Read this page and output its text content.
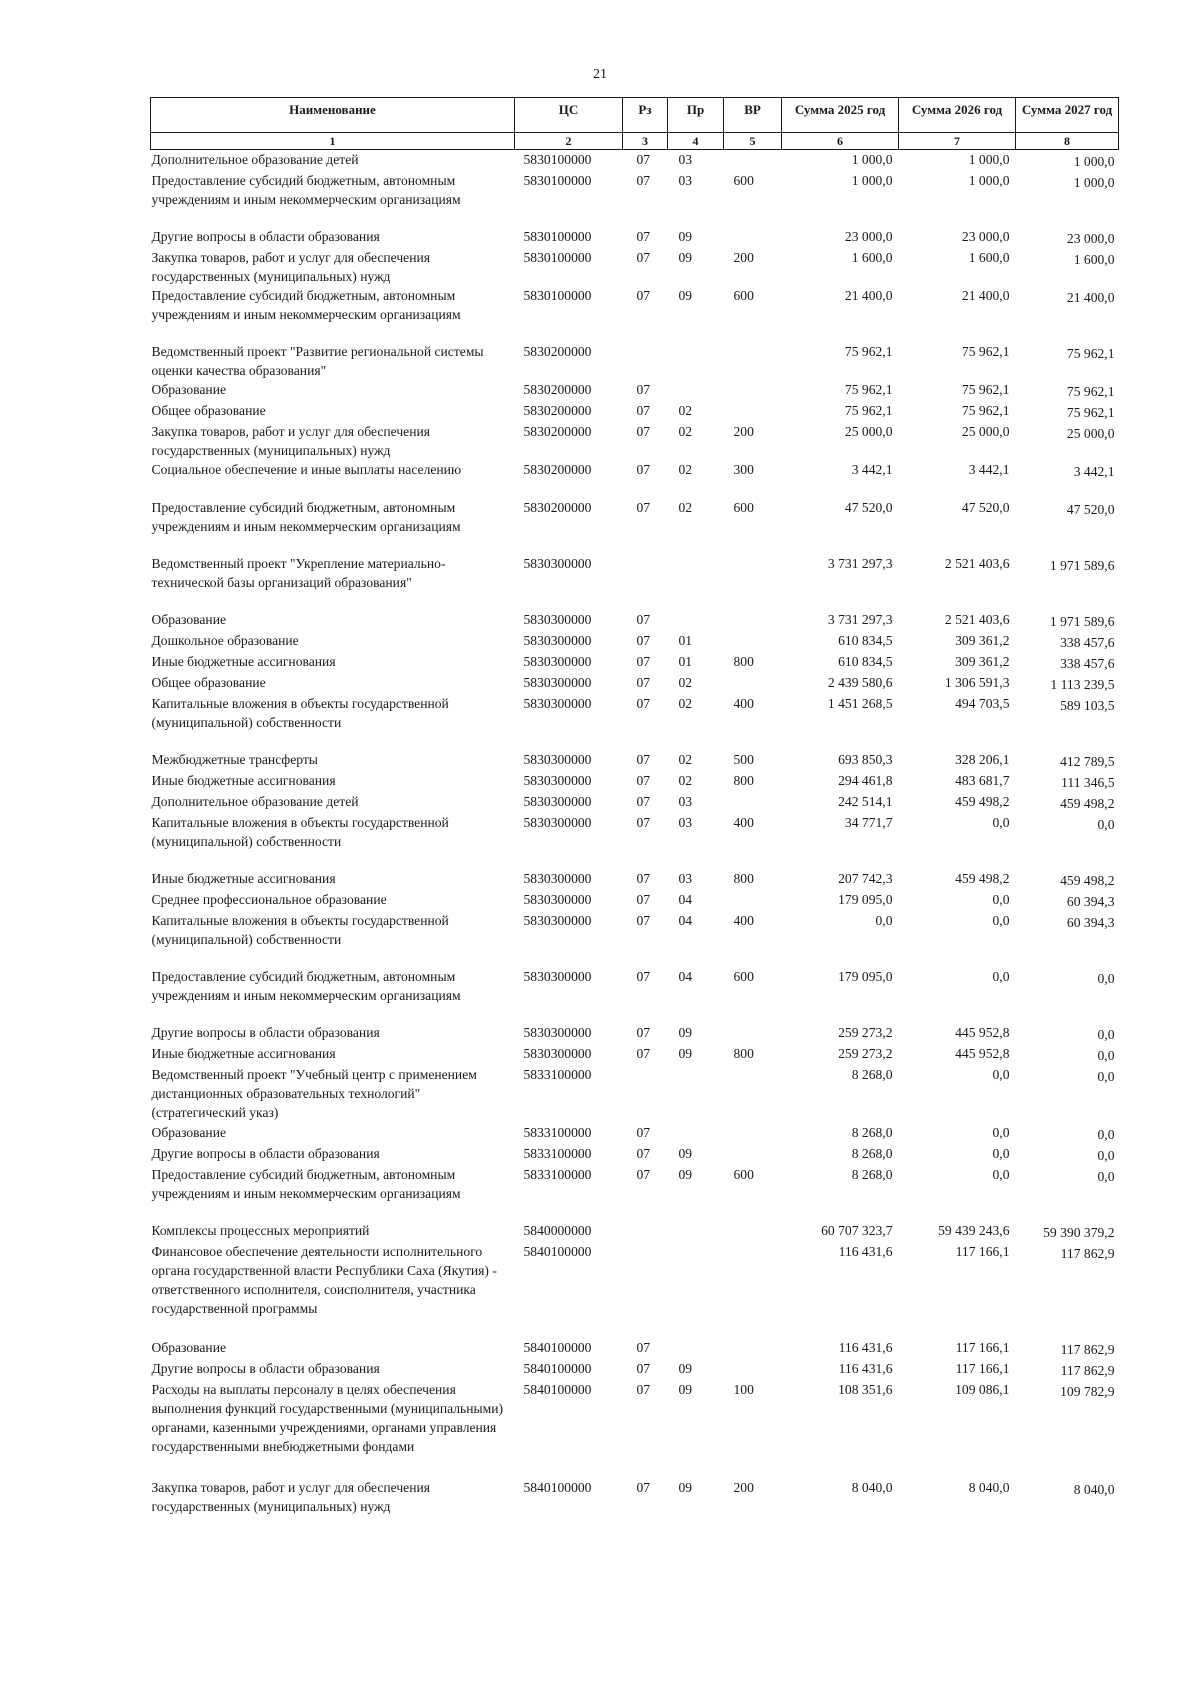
21
Наименование	ЦС	Рз	Пр	ВР	Сумма 2025 год	Сумма 2026 год	Сумма 2027 год
1	2	3	4	5	6	7	8
Дополнительное образование детей	5830100000	07	03		1 000,0	1 000,0	1 000,0
Предоставление субсидий бюджетным, автономным учреждениям и иным некоммерческим организациям	5830100000	07	03	600	1 000,0	1 000,0	1 000,0
Другие вопросы в области образования	5830100000	07	09		23 000,0	23 000,0	23 000,0
Закупка товаров, работ и услуг для обеспечения государственных (муниципальных) нужд	5830100000	07	09	200	1 600,0	1 600,0	1 600,0
Предоставление субсидий бюджетным, автономным учреждениям и иным некоммерческим организациям	5830100000	07	09	600	21 400,0	21 400,0	21 400,0
Ведомственный проект "Развитие региональной системы оценки качества образования"	5830200000				75 962,1	75 962,1	75 962,1
Образование	5830200000	07			75 962,1	75 962,1	75 962,1
Общее образование	5830200000	07	02		75 962,1	75 962,1	75 962,1
Закупка товаров, работ и услуг для обеспечения государственных (муниципальных) нужд	5830200000	07	02	200	25 000,0	25 000,0	25 000,0
Социальное обеспечение и иные выплаты населению	5830200000	07	02	300	3 442,1	3 442,1	3 442,1
Предоставление субсидий бюджетным, автономным учреждениям и иным некоммерческим организациям	5830200000	07	02	600	47 520,0	47 520,0	47 520,0
Ведомственный проект "Укрепление материально-технической базы организаций образования"	5830300000				3 731 297,3	2 521 403,6	1 971 589,6
Образование	5830300000	07			3 731 297,3	2 521 403,6	1 971 589,6
Дошкольное образование	5830300000	07	01		610 834,5	309 361,2	338 457,6
Иные бюджетные ассигнования	5830300000	07	01	800	610 834,5	309 361,2	338 457,6
Общее образование	5830300000	07	02		2 439 580,6	1 306 591,3	1 113 239,5
Капитальные вложения в объекты государственной (муниципальной) собственности	5830300000	07	02	400	1 451 268,5	494 703,5	589 103,5
Межбюджетные трансферты	5830300000	07	02	500	693 850,3	328 206,1	412 789,5
Иные бюджетные ассигнования	5830300000	07	02	800	294 461,8	483 681,7	111 346,5
Дополнительное образование детей	5830300000	07	03		242 514,1	459 498,2	459 498,2
Капитальные вложения в объекты государственной (муниципальной) собственности	5830300000	07	03	400	34 771,7	0,0	0,0
Иные бюджетные ассигнования	5830300000	07	03	800	207 742,3	459 498,2	459 498,2
Среднее профессиональное образование	5830300000	07	04		179 095,0	0,0	60 394,3
Капитальные вложения в объекты государственной (муниципальной) собственности	5830300000	07	04	400	0,0	0,0	60 394,3
Предоставление субсидий бюджетным, автономным учреждениям и иным некоммерческим организациям	5830300000	07	04	600	179 095,0	0,0	0,0
Другие вопросы в области образования	5830300000	07	09		259 273,2	445 952,8	0,0
Иные бюджетные ассигнования	5830300000	07	09	800	259 273,2	445 952,8	0,0
Ведомственный проект "Учебный центр с применением дистанционных образовательных технологий" (стратегический указ)	5833100000				8 268,0	0,0	0,0
Образование	5833100000	07			8 268,0	0,0	0,0
Другие вопросы в области образования	5833100000	07	09		8 268,0	0,0	0,0
Предоставление субсидий бюджетным, автономным учреждениям и иным некоммерческим организациям	5833100000	07	09	600	8 268,0	0,0	0,0
Комплексы процессных мероприятий	5840000000				60 707 323,7	59 439 243,6	59 390 379,2
Финансовое обеспечение деятельности исполнительного органа государственной власти Республики Саха (Якутия) - ответственного исполнителя, соисполнителя, участника государственной программы	5840100000				116 431,6	117 166,1	117 862,9
Образование	5840100000	07			116 431,6	117 166,1	117 862,9
Другие вопросы в области образования	5840100000	07	09		116 431,6	117 166,1	117 862,9
Расходы на выплаты персоналу в целях обеспечения выполнения функций государственными (муниципальными) органами, казенными учреждениями, органами управления государственными внебюджетными фондами	5840100000	07	09	100	108 351,6	109 086,1	109 782,9
Закупка товаров, работ и услуг для обеспечения государственных (муниципальных) нужд	5840100000	07	09	200	8 040,0	8 040,0	8 040,0
